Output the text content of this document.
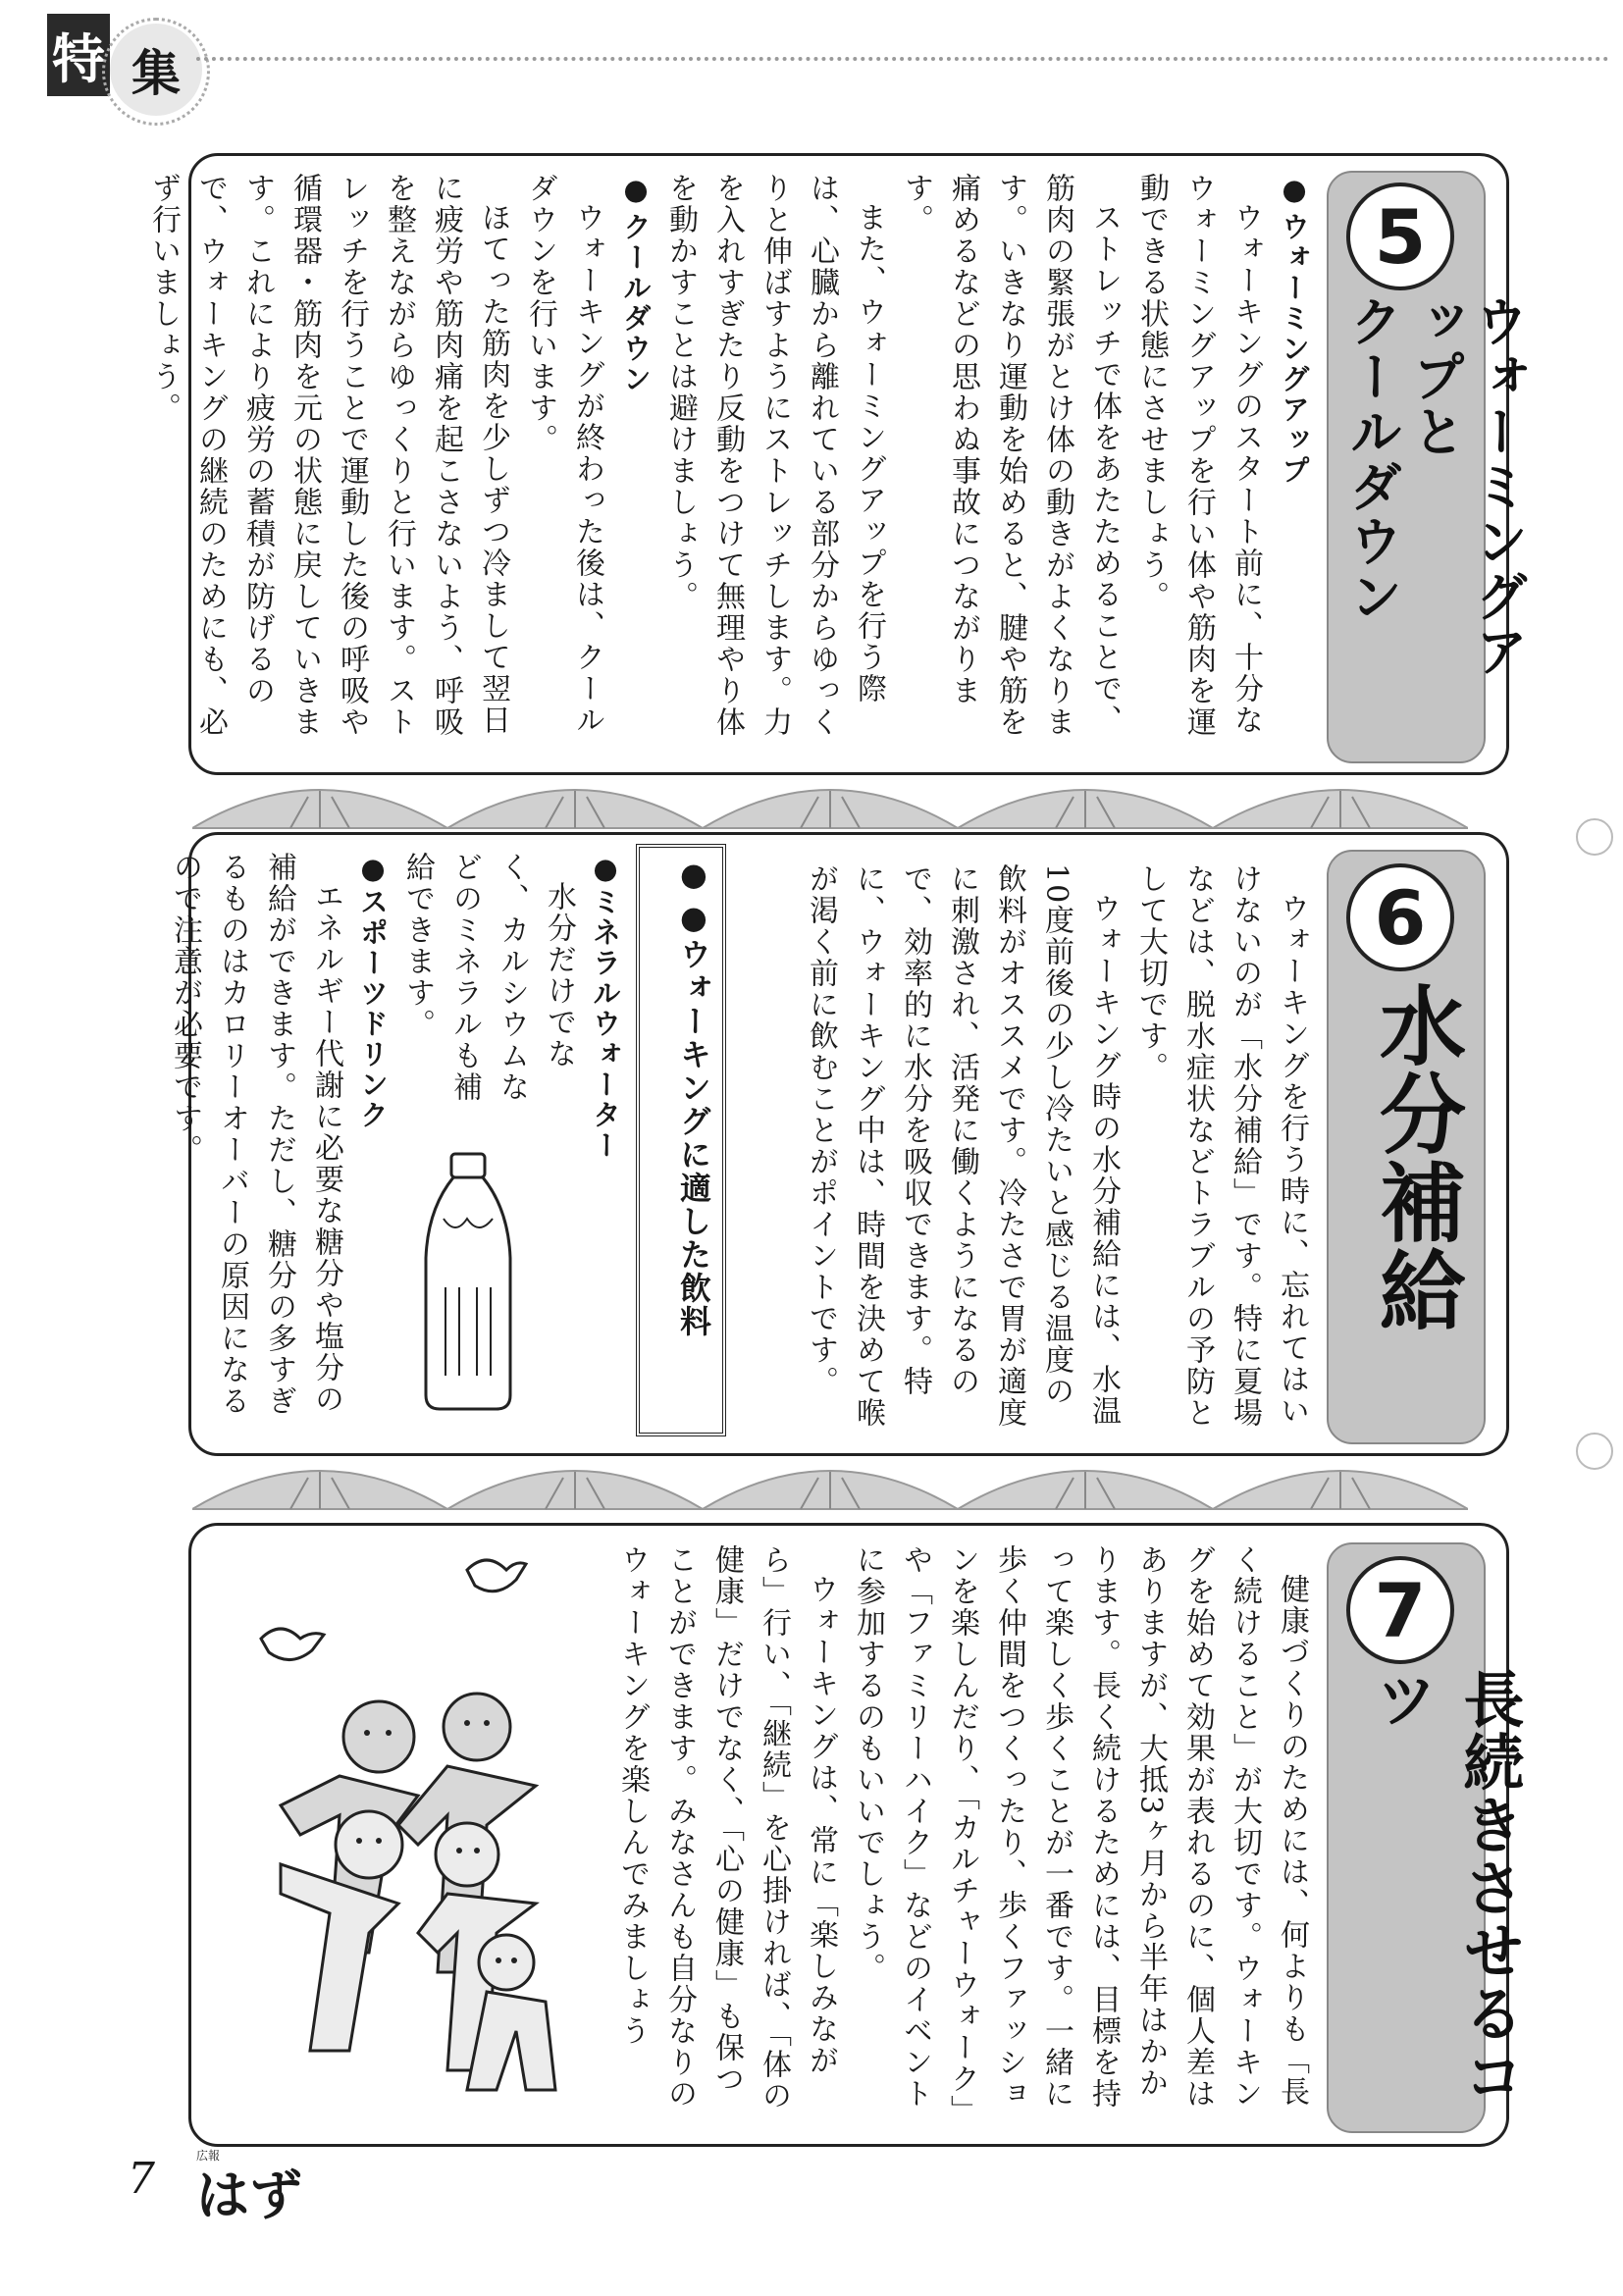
特 集
5
ウォーミングアップと
クールダウン
● ウォーミングアップ

ウォーキングのスタート前に、十分なウォーミングアップを行い体や筋肉を運動できる状態にさせましょう。

ストレッチで体をあたためることで、筋肉の緊張がとけ体の動きがよくなります。いきなり運動を始めると、腱や筋を痛めるなどの思わぬ事故につながります。

また、ウォーミングアップを行う際は、心臓から離れている部分からゆっくりと伸ばすようにストレッチします。力を入れすぎたり反動をつけて無理やり体を動かすことは避けましょう。

● クールダウン

ウォーキングが終わった後は、クールダウンを行います。

ほてった筋肉を少しずつ冷まして翌日に疲労や筋肉痛を起こさないよう、呼吸を整えながらゆっくりと行います。ストレッチを行うことで運動した後の呼吸や循環器・筋肉を元の状態に戻していきます。これにより疲労の蓄積が防げるので、ウォーキングの継続のためにも、必ず行いましょう。

6
水分補給

ウォーキングを行う時に、忘れてはいけないのが「水分補給」です。特に夏場などは、脱水症状などトラブルの予防として大切です。

ウォーキング時の水分補給には、水温10度前後の少し冷たいと感じる温度の飲料がオススメです。冷たさで胃が適度に刺激され、活発に働くようになるので、効率的に水分を吸収できます。特に、ウォーキング中は、時間を決めて喉が渇く前に飲むことがポイントです。

● ●ウォーキングに適した飲料
●ミネラルウォーター

水分だけでなく、カルシウムなどのミネラルも補給できます。

●スポーツドリンク

エネルギー代謝に必要な糖分や塩分の補給ができます。ただし、糖分の多すぎるものはカロリーオーバーの原因になるので注意が必要です。

7
長続きさせるコツ

健康づくりのためには、何よりも「長く続けること」が大切です。ウォーキングを始めて効果が表れるのに、個人差はありますが、大抵3ヶ月から半年はかかります。長く続けるためには、目標を持って楽しく歩くことが一番です。一緒に歩く仲間をつくったり、歩くファッションを楽しんだり、「カルチャーウォーク」や「ファミリーハイク」などのイベントに参加するのもいいでしょう。

ウォーキングは、常に「楽しみながら」行い、「継続」を心掛ければ、「体の健康」だけでなく、「心の健康」も保つことができます。みなさんも自分なりのウォーキングを楽しんでみましょう

7	広報
はず
